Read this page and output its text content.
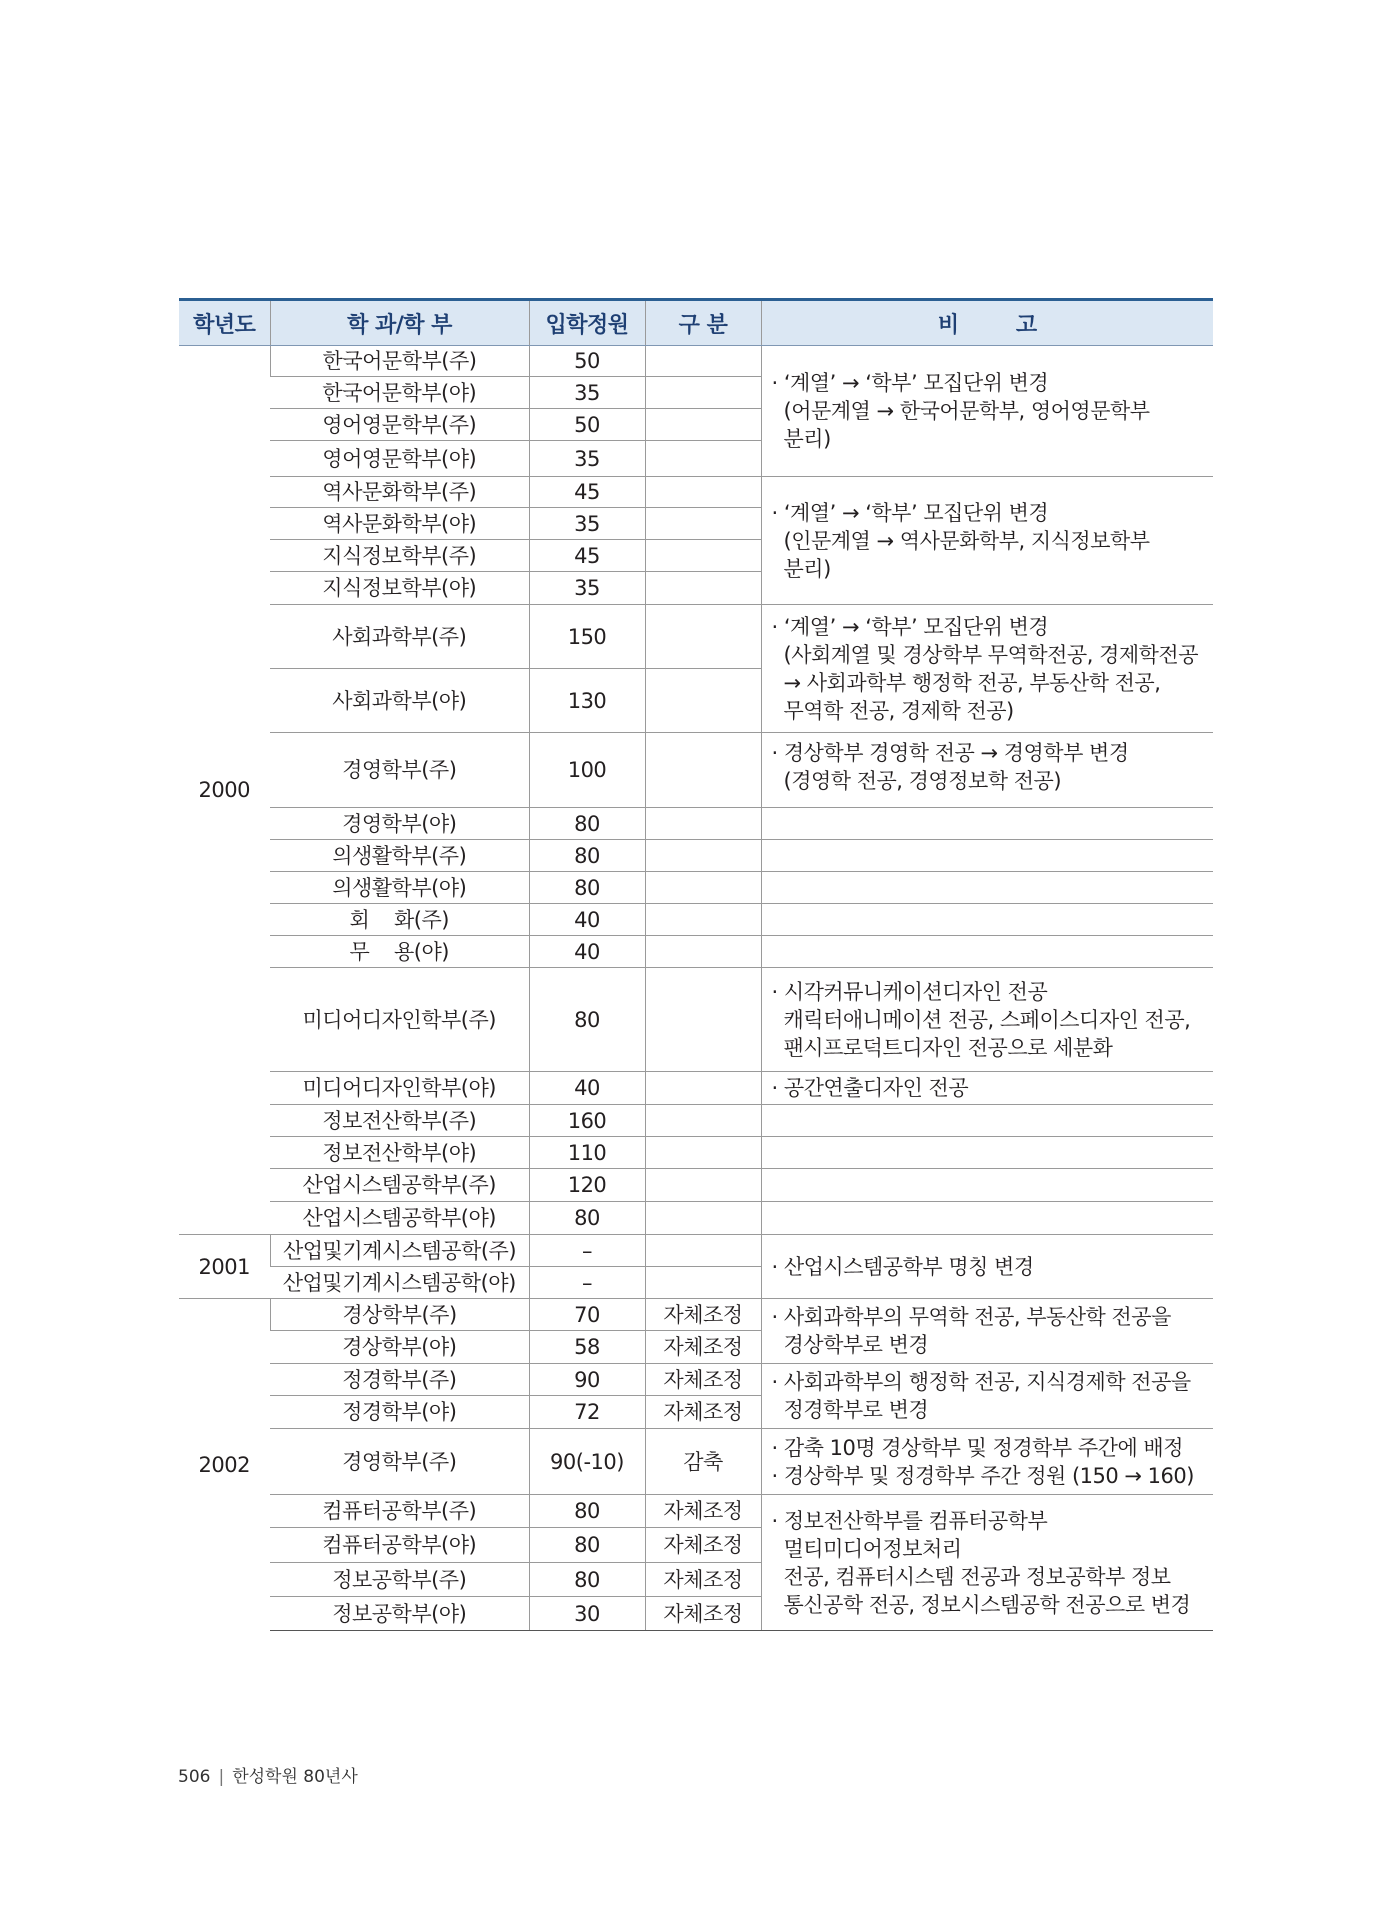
학년도	학 과/학 부	입학정원	구 분	비        고
2000	한국어문학부(주)	50		· ‘계열’ → ‘학부’ 모집단위 변경
(어문계열 → 한국어문학부, 영어영문학부
분리)

	한국어문학부(야)	35		
	영어영문학부(주)	50		
	영어영문학부(야)	35		
	역사문화학부(주)	45		· ‘계열’ → ‘학부’ 모집단위 변경
(인문계열 → 역사문화학부, 지식정보학부
분리)

	역사문화학부(야)	35		
	지식정보학부(주)	45		
	지식정보학부(야)	35		
	사회과학부(주)	150		· ‘계열’ → ‘학부’ 모집단위 변경
(사회계열 및 경상학부 무역학전공, 경제학전공
→ 사회과학부 행정학 전공, 부동산학 전공,
무역학 전공, 경제학 전공)

	사회과학부(야)	130		
	경영학부(주)	100		· 경상학부 경영학 전공 → 경영학부 변경
(경영학 전공, 경영정보학 전공)

	경영학부(야)	80		
	의생활학부(주)	80		
	의생활학부(야)	80		
	회    화(주)	40		
	무    용(야)	40		
	미디어디자인학부(주)	80		· 시각커뮤니케이션디자인 전공
캐릭터애니메이션 전공, 스페이스디자인 전공,
팬시프로덕트디자인 전공으로 세분화

	미디어디자인학부(야)	40		· 공간연출디자인 전공

	정보전산학부(주)	160		
	정보전산학부(야)	110		
	산업시스템공학부(주)	120		
	산업시스템공학부(야)	80		
2001	산업및기계시스템공학(주)	–		· 산업시스템공학부 명칭 변경

	산업및기계시스템공학(야)	–		
2002	경상학부(주)	70	자체조정	· 사회과학부의 무역학 전공, 부동산학 전공을
경상학부로 변경

	경상학부(야)	58	자체조정	
	정경학부(주)	90	자체조정	· 사회과학부의 행정학 전공, 지식경제학 전공을
정경학부로 변경

	정경학부(야)	72	자체조정	
	경영학부(주)	90(-10)	감축	· 감축 10명 경상학부 및 정경학부 주간에 배정
· 경상학부 및 정경학부 주간 정원 (150 → 160)

	컴퓨터공학부(주)	80	자체조정	· 정보전산학부를 컴퓨터공학부
멀티미디어정보처리
전공, 컴퓨터시스템 전공과 정보공학부 정보
통신공학 전공, 정보시스템공학 전공으로 변경

	컴퓨터공학부(야)	80	자체조정	
	정보공학부(주)	80	자체조정	
	정보공학부(야)	30	자체조정	
506 | 한성학원 80년사
